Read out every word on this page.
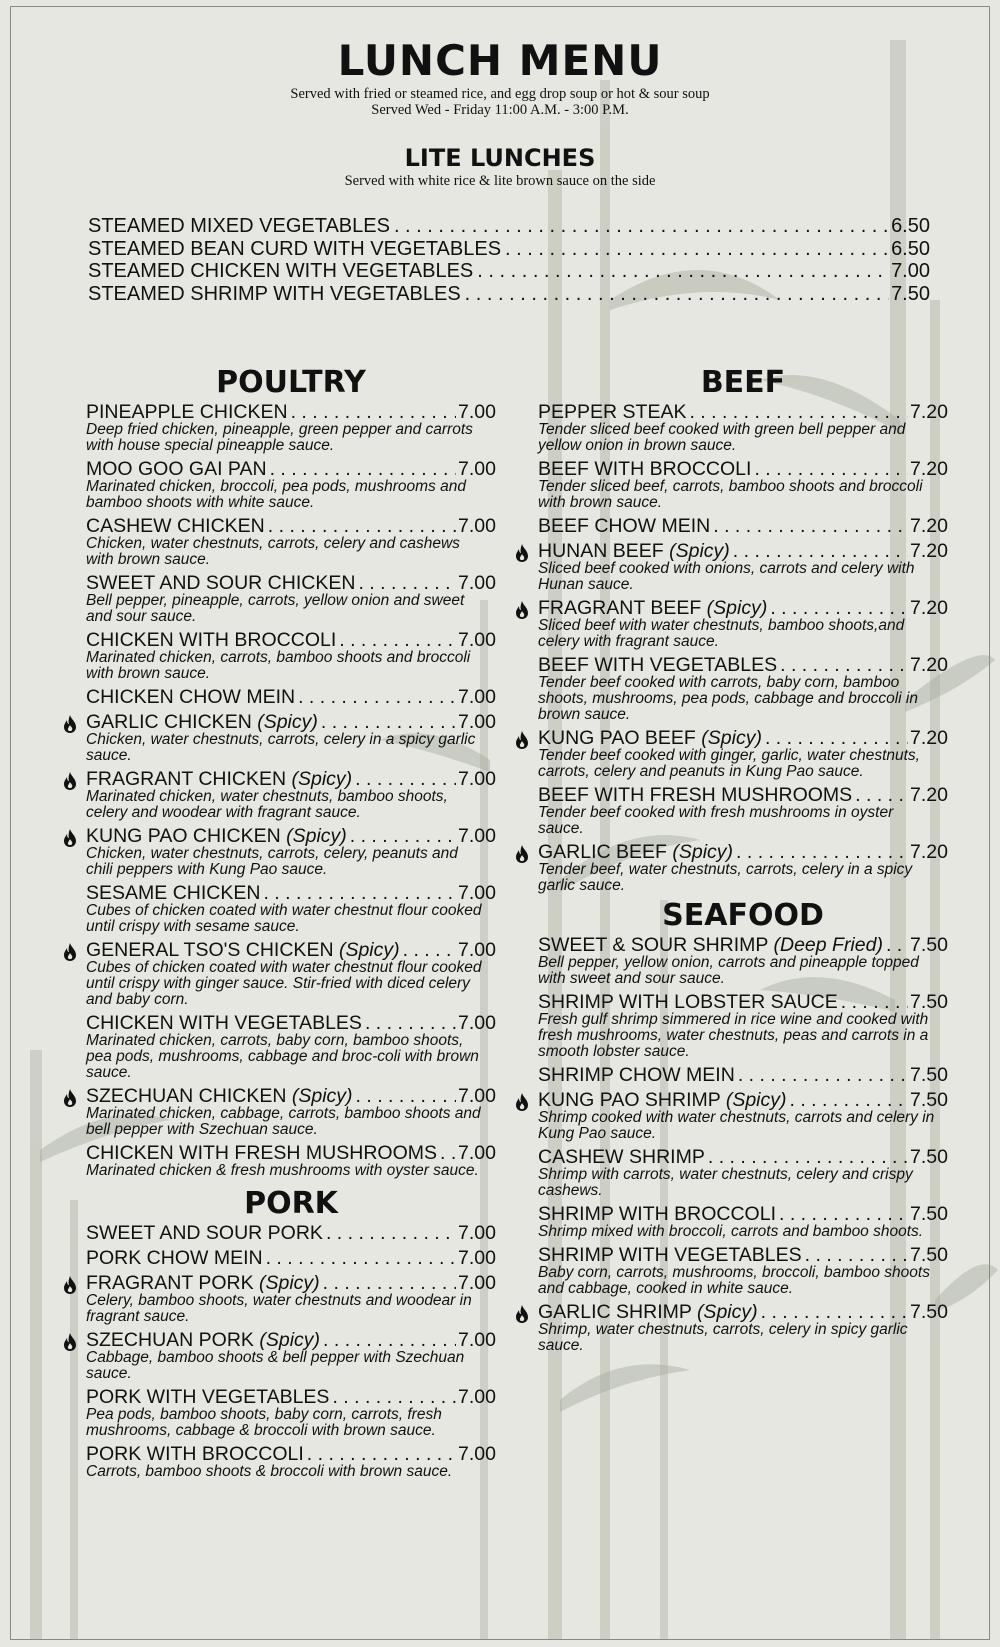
LUNCH MENU
Served with fried or steamed rice, and egg drop soup or hot & sour soup
Served Wed - Friday 11:00 A.M. - 3:00 P.M.
LITE LUNCHES
Served with white rice & lite brown sauce on the side
STEAMED MIXED VEGETABLES . . .	6.50
STEAMED BEAN CURD WITH VEGETABLES . . .	6.50
STEAMED CHICKEN WITH VEGETABLES . . .	7.00
STEAMED SHRIMP WITH VEGETABLES . . .	7.50
POULTRY
PINEAPPLE CHICKEN . . .	7.00
Deep fried chicken, pineapple, green pepper and carrots with house special pineapple sauce.
MOO GOO GAI PAN . . .	7.00
Marinated chicken, broccoli, pea pods, mushrooms and bamboo shoots with white sauce.
CASHEW CHICKEN . . .	7.00
Chicken, water chestnuts, carrots, celery and cashews with brown sauce.
SWEET AND SOUR CHICKEN . . .	7.00
Bell pepper, pineapple, carrots, yellow onion and sweet and sour sauce.
CHICKEN WITH BROCCOLI . . .	7.00
Marinated chicken, carrots, bamboo shoots and broccoli with brown sauce.
CHICKEN CHOW MEIN . . .	7.00
GARLIC CHICKEN (Spicy) . . .	7.00
Chicken, water chestnuts, carrots, celery in a spicy garlic sauce.
FRAGRANT CHICKEN (Spicy) . . .	7.00
Marinated chicken, water chestnuts, bamboo shoots, celery and woodear with fragrant sauce.
KUNG PAO CHICKEN (Spicy) . . .	7.00
Chicken, water chestnuts, carrots, celery, peanuts and chili peppers with Kung Pao sauce.
SESAME CHICKEN . . .	7.00
Cubes of chicken coated with water chestnut flour cooked until crispy with sesame sauce.
GENERAL TSO'S CHICKEN (Spicy) . . .	7.00
Cubes of chicken coated with water chestnut flour cooked until crispy with ginger sauce. Stir-fried with diced celery and baby corn.
CHICKEN WITH VEGETABLES . . .	7.00
Marinated chicken, carrots, baby corn, bamboo shoots, pea pods, mushrooms, cabbage and broc-coli with brown sauce.
SZECHUAN CHICKEN (Spicy) . . .	7.00
Marinated chicken, cabbage, carrots, bamboo shoots and bell pepper with Szechuan sauce.
CHICKEN WITH FRESH MUSHROOMS . . . 7.00
Marinated chicken & fresh mushrooms with oyster sauce.
PORK
SWEET AND SOUR PORK . . .	7.00
PORK CHOW MEIN . . .	7.00
FRAGRANT PORK (Spicy) . . .	7.00
Celery, bamboo shoots, water chestnuts and woodear in fragrant sauce.
SZECHUAN PORK (Spicy) . . .	7.00
Cabbage, bamboo shoots & bell pepper with Szechuan sauce.
PORK WITH VEGETABLES . . .	7.00
Pea pods, bamboo shoots, baby corn, carrots, fresh mushrooms, cabbage & broccoli with brown sauce.
PORK WITH BROCCOLI . . .	7.00
Carrots, bamboo shoots & broccoli with brown sauce.
BEEF
PEPPER STEAK . . .	7.20
Tender sliced beef cooked with green bell pepper and yellow onion in brown sauce.
BEEF WITH BROCCOLI . . .	7.20
Tender sliced beef, carrots, bamboo shoots and broccoli with brown sauce.
BEEF CHOW MEIN . . .	7.20
HUNAN BEEF (Spicy) . . .	7.20
Sliced beef cooked with onions, carrots and celery with Hunan sauce.
FRAGRANT BEEF (Spicy) . . .	7.20
Sliced beef with water chestnuts, bamboo shoots,and celery with fragrant sauce.
BEEF WITH VEGETABLES . . .	7.20
Tender beef cooked with carrots, baby corn, bamboo shoots, mushrooms, pea pods, cabbage and broccoli in brown sauce.
KUNG PAO BEEF (Spicy) . . .	7.20
Tender beef cooked with ginger, garlic, water chestnuts, carrots, celery and peanuts in Kung Pao sauce.
BEEF WITH FRESH MUSHROOMS . . .	7.20
Tender beef cooked with fresh mushrooms in oyster sauce.
GARLIC BEEF (Spicy) . . .	7.20
Tender beef, water chestnuts, carrots, celery in a spicy garlic sauce.
SEAFOOD
SWEET & SOUR SHRIMP (Deep Fried) . . . 7.50
Bell pepper, yellow onion, carrots and pineapple topped with sweet and sour sauce.
SHRIMP WITH LOBSTER SAUCE . . .	7.50
Fresh gulf shrimp simmered in rice wine and cooked with fresh mushrooms, water chestnuts, peas and carrots in a smooth lobster sauce.
SHRIMP CHOW MEIN . . .	7.50
KUNG PAO SHRIMP (Spicy) . . .	7.50
Shrimp cooked with water chestnuts, carrots and celery in Kung Pao sauce.
CASHEW SHRIMP . . .	7.50
Shrimp with carrots, water chestnuts, celery and crispy cashews.
SHRIMP WITH BROCCOLI . . .	7.50
Shrimp mixed with broccoli, carrots and bamboo shoots.
SHRIMP WITH VEGETABLES . . .	7.50
Baby corn, carrots, mushrooms, broccoli, bamboo shoots and cabbage, cooked in white sauce.
GARLIC SHRIMP (Spicy) . . .	7.50
Shrimp, water chestnuts, carrots, celery in spicy garlic sauce.
